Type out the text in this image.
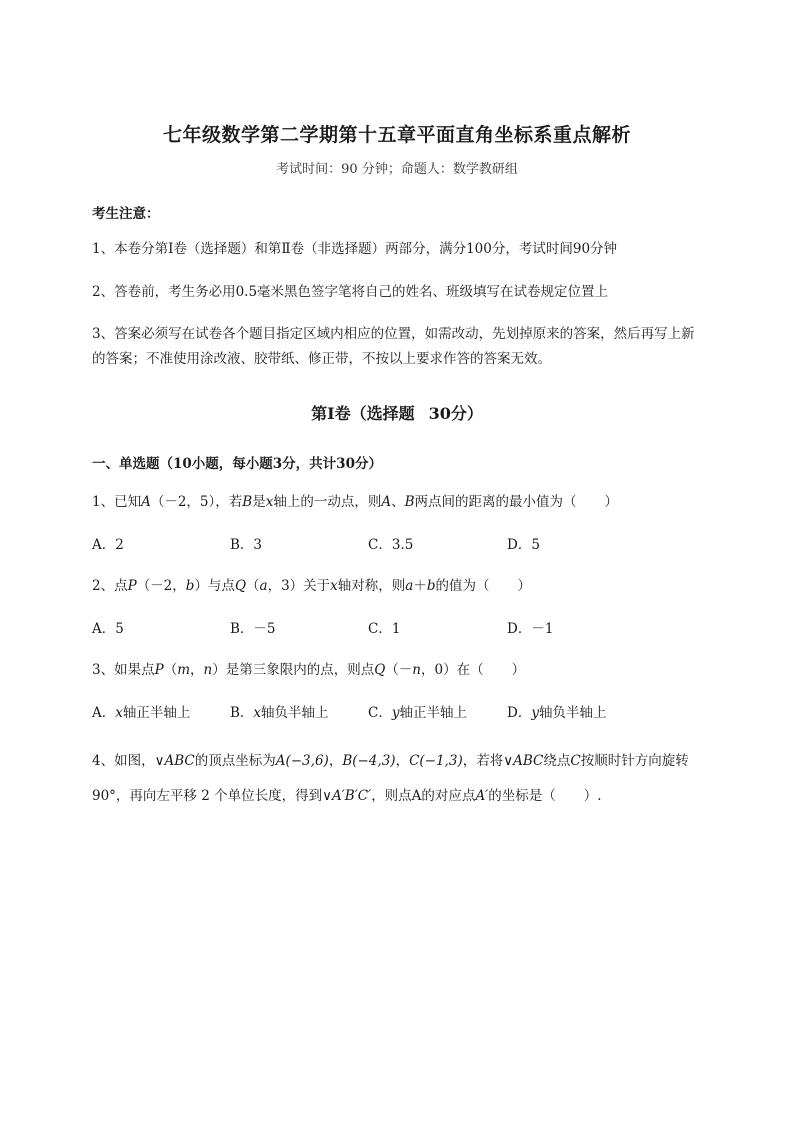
七年级数学第二学期第十五章平面直角坐标系重点解析
考试时间：90 分钟；命题人：数学教研组
考生注意：
1、本卷分第Ⅰ卷（选择题）和第Ⅱ卷（非选择题）两部分，满分100分，考试时间90分钟
2、答卷前，考生务必用0.5毫米黑色签字笔将自己的姓名、班级填写在试卷规定位置上
3、答案必须写在试卷各个题目指定区域内相应的位置，如需改动，先划掉原来的答案，然后再写上新的答案；不准使用涂改液、胶带纸、修正带，不按以上要求作答的答案无效。
第Ⅰ卷（选择题 30分）
一、单选题（10小题，每小题3分，共计30分）
1、已知A（－2，5），若B是x轴上的一动点，则A、B两点间的距离的最小值为（ ）
A．2	B．3	C．3.5	D．5
2、点P（－2，b）与点Q（a，3）关于x轴对称，则a＋b的值为（ ）
A．5	B．－5	C．1	D．－1
3、如果点P（m，n）是第三象限内的点，则点Q（－n，0）在（ ）
A．x轴正半轴上	B．x轴负半轴上	C．y轴正半轴上	D．y轴负半轴上
4、如图，∨ABC的顶点坐标为A(−3,6)，B(−4,3)，C(−1,3)，若将∨ABC绕点C按顺时针方向旋转
90°，再向左平移 2 个单位长度，得到∨A′B′C′，则点A的对应点A′的坐标是（ ）.
